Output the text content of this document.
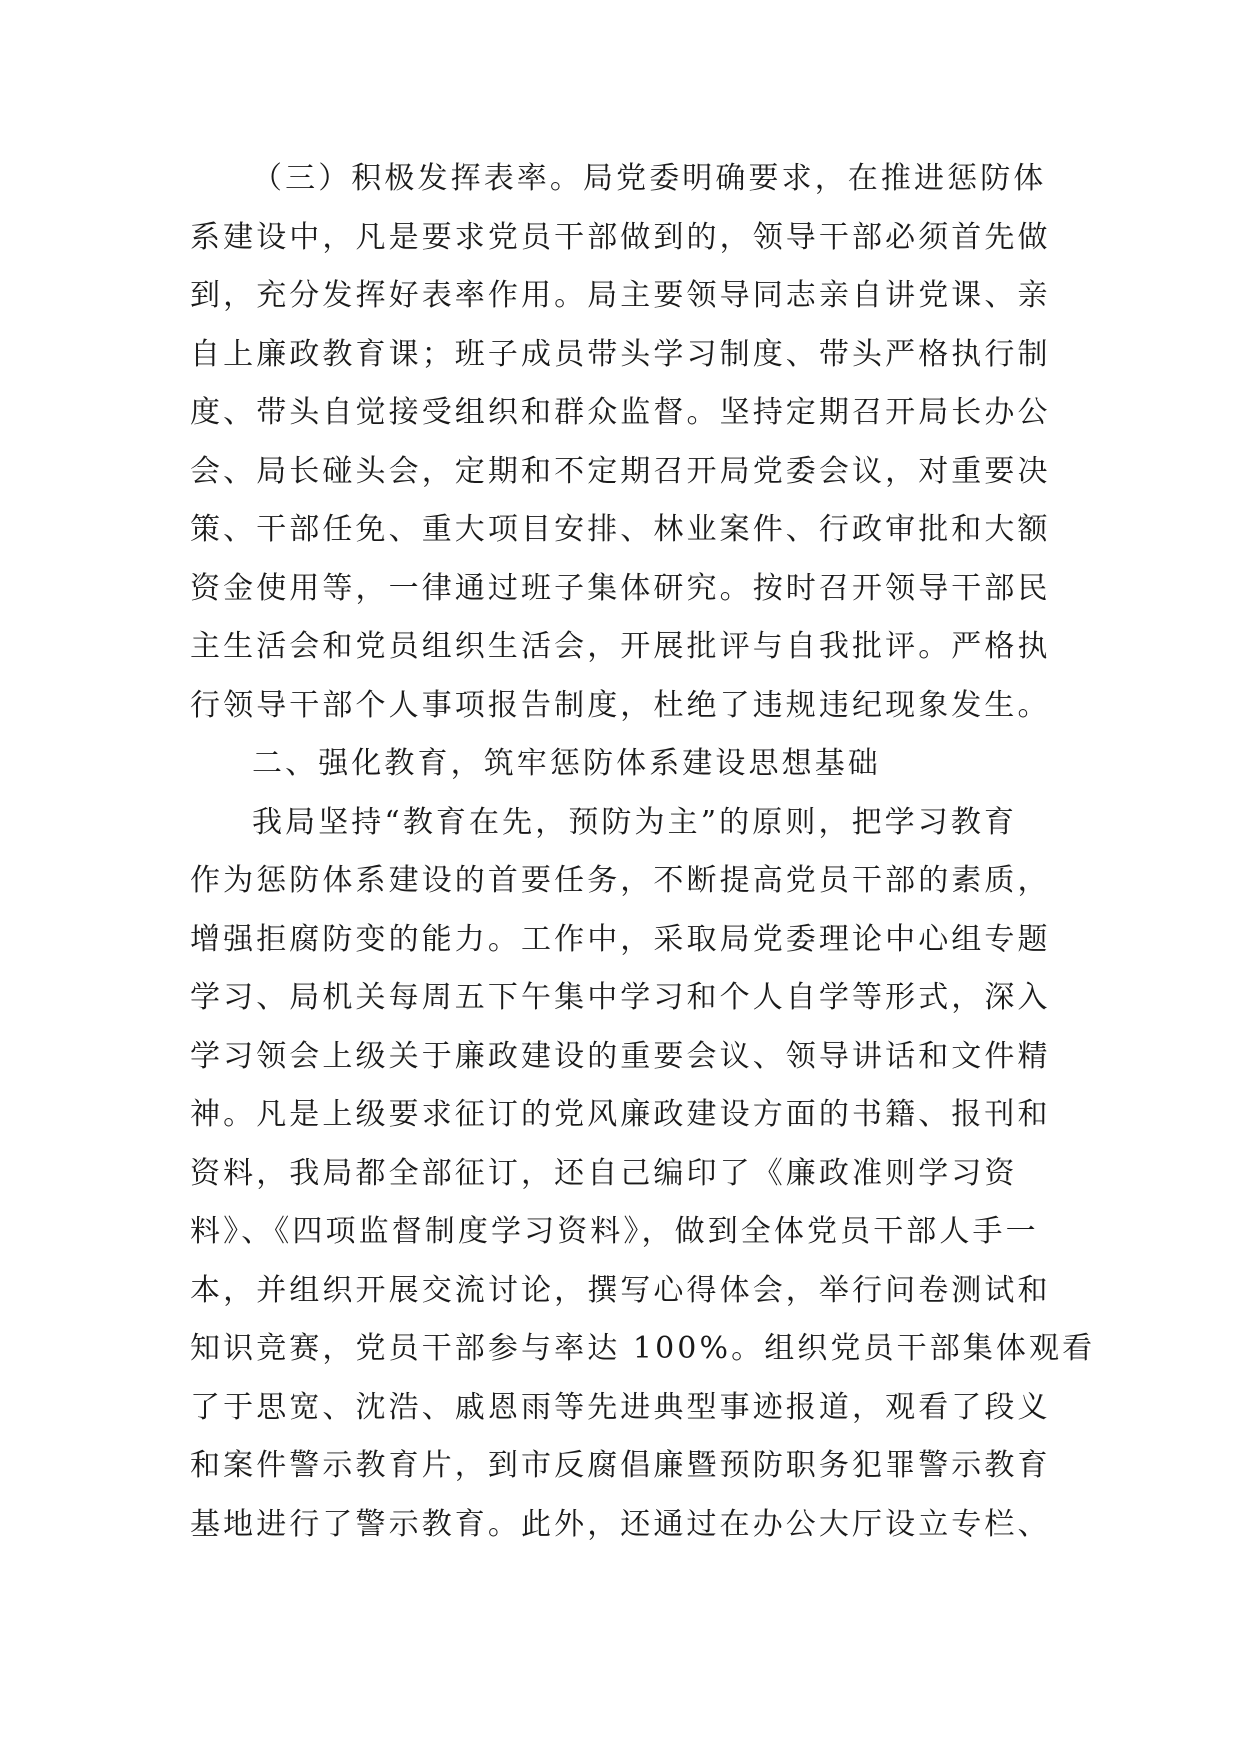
（三）积极发挥表率。局党委明确要求，在推进惩防体
系建设中，凡是要求党员干部做到的，领导干部必须首先做
到，充分发挥好表率作用。局主要领导同志亲自讲党课、亲
自上廉政教育课；班子成员带头学习制度、带头严格执行制
度、带头自觉接受组织和群众监督。坚持定期召开局长办公
会、局长碰头会，定期和不定期召开局党委会议，对重要决
策、干部任免、重大项目安排、林业案件、行政审批和大额
资金使用等，一律通过班子集体研究。按时召开领导干部民
主生活会和党员组织生活会，开展批评与自我批评。严格执
行领导干部个人事项报告制度，杜绝了违规违纪现象发生。
二、强化教育，筑牢惩防体系建设思想基础
我局坚持“教育在先，预防为主”的原则，把学习教育
作为惩防体系建设的首要任务，不断提高党员干部的素质，
增强拒腐防变的能力。工作中，采取局党委理论中心组专题
学习、局机关每周五下午集中学习和个人自学等形式，深入
学习领会上级关于廉政建设的重要会议、领导讲话和文件精
神。凡是上级要求征订的党风廉政建设方面的书籍、报刊和
资料，我局都全部征订，还自己编印了《廉政准则学习资
料》、《四项监督制度学习资料》，做到全体党员干部人手一
本，并组织开展交流讨论，撰写心得体会，举行问卷测试和
知识竞赛，党员干部参与率达 100%。组织党员干部集体观看
了于思宽、沈浩、戚恩雨等先进典型事迹报道，观看了段义
和案件警示教育片，到市反腐倡廉暨预防职务犯罪警示教育
基地进行了警示教育。此外，还通过在办公大厅设立专栏、
